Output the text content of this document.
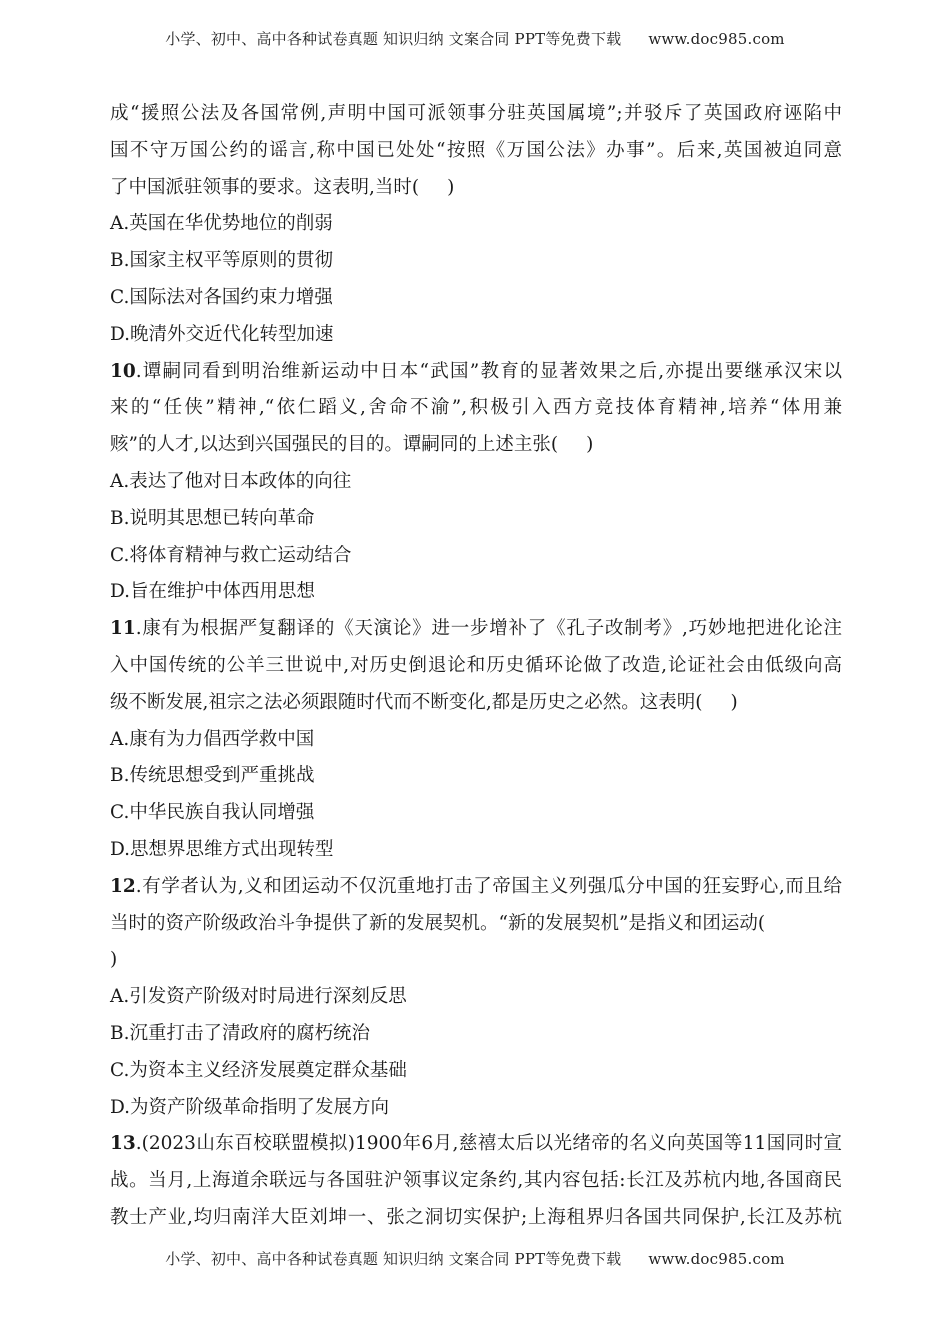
小学、初中、高中各种试卷真题 知识归纳 文案合同 PPT等免费下载 www.doc985.com
成“援照公法及各国常例,声明中国可派领事分驻英国属境”;并驳斥了英国政府诬陷中
国不守万国公约的谣言,称中国已处处“按照《万国公法》办事”。后来,英国被迫同意
了中国派驻领事的要求。这表明,当时( )
A.英国在华优势地位的削弱
B.国家主权平等原则的贯彻
C.国际法对各国约束力增强
D.晚清外交近代化转型加速
10.谭嗣同看到明治维新运动中日本“武国”教育的显著效果之后,亦提出要继承汉宋以
来的“任侠”精神,“依仁蹈义,舍命不渝”,积极引入西方竞技体育精神,培养“体用兼
赅”的人才,以达到兴国强民的目的。谭嗣同的上述主张( )
A.表达了他对日本政体的向往
B.说明其思想已转向革命
C.将体育精神与救亡运动结合
D.旨在维护中体西用思想
11.康有为根据严复翻译的《天演论》进一步增补了《孔子改制考》,巧妙地把进化论注
入中国传统的公羊三世说中,对历史倒退论和历史循环论做了改造,论证社会由低级向高
级不断发展,祖宗之法必须跟随时代而不断变化,都是历史之必然。这表明( )
A.康有为力倡西学救中国
B.传统思想受到严重挑战
C.中华民族自我认同增强
D.思想界思维方式出现转型
12.有学者认为,义和团运动不仅沉重地打击了帝国主义列强瓜分中国的狂妄野心,而且给
当时的资产阶级政治斗争提供了新的发展契机。“新的发展契机”是指义和团运动(
)
A.引发资产阶级对时局进行深刻反思
B.沉重打击了清政府的腐朽统治
C.为资本主义经济发展奠定群众基础
D.为资产阶级革命指明了发展方向
13.(2023山东百校联盟模拟)1900年6月,慈禧太后以光绪帝的名义向英国等11国同时宣
战。当月,上海道余联远与各国驻沪领事议定条约,其内容包括:长江及苏杭内地,各国商民
教士产业,均归南洋大臣刘坤一、张之洞切实保护;上海租界归各国共同保护,长江及苏杭
小学、初中、高中各种试卷真题 知识归纳 文案合同 PPT等免费下载 www.doc985.com
